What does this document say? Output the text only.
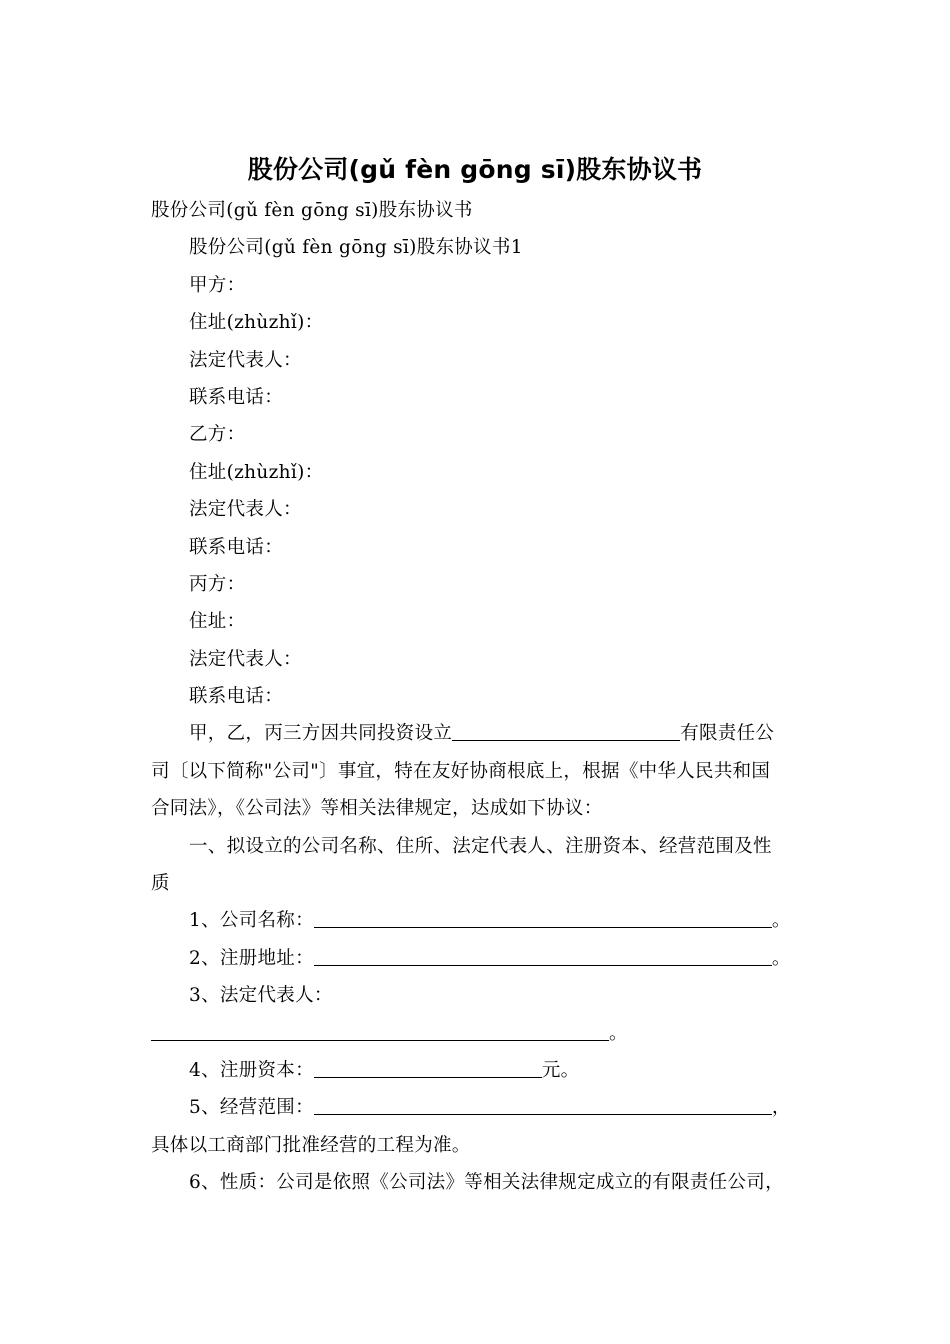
股份公司(gǔ fèn gōng sī)股东协议书
股份公司(gǔ fèn gōng sī)股东协议书
股份公司(gǔ fèn gōng sī)股东协议书1
甲方：
住址(zhùzhǐ)：
法定代表人：
联系电话：
乙方：
住址(zhùzhǐ)：
法定代表人：
联系电话：
丙方：
住址：
法定代表人：
联系电话：
甲，乙，丙三方因共同投资设立	有限责任公
司〔以下简称"公司"〕事宜，特在友好协商根底上，根据《中华人民共和国
合同法》，《公司法》等相关法律规定，达成如下协议：
一、拟设立的公司名称、住所、法定代表人、注册资本、经营范围及性
质
1、公司名称：	。
2、注册地址：	。
3、法定代表人：
。
4、注册资本：	元。
5、经营范围：	，
具体以工商部门批准经营的工程为准。
6、性质：公司是依照《公司法》等相关法律规定成立的有限责任公司，
